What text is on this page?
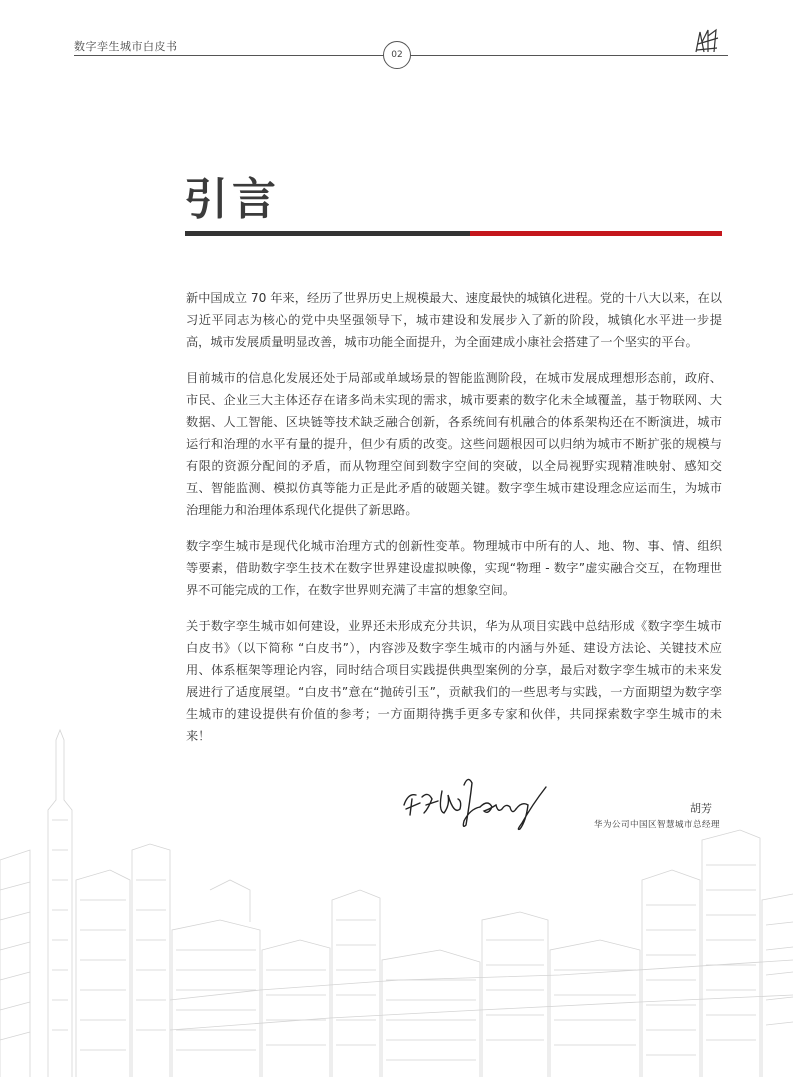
数字孪生城市白皮书
02
引言

新中国成立 70 年来，经历了世界历史上规模最大、速度最快的城镇化进程。党的十八大以来，在以习近平同志为核心的党中央坚强领导下，城市建设和发展步入了新的阶段，城镇化水平进一步提高，城市发展质量明显改善，城市功能全面提升，为全面建成小康社会搭建了一个坚实的平台。

目前城市的信息化发展还处于局部或单域场景的智能监测阶段，在城市发展成理想形态前，政府、市民、企业三大主体还存在诸多尚未实现的需求，城市要素的数字化未全域覆盖，基于物联网、大数据、人工智能、区块链等技术缺乏融合创新，各系统间有机融合的体系架构还在不断演进，城市运行和治理的水平有量的提升，但少有质的改变。这些问题根因可以归纳为城市不断扩张的规模与有限的资源分配间的矛盾，而从物理空间到数字空间的突破，以全局视野实现精准映射、感知交互、智能监测、模拟仿真等能力正是此矛盾的破题关键。数字孪生城市建设理念应运而生，为城市治理能力和治理体系现代化提供了新思路。

数字孪生城市是现代化城市治理方式的创新性变革。物理城市中所有的人、地、物、事、情、组织等要素，借助数字孪生技术在数字世界建设虚拟映像，实现“物理 - 数字”虚实融合交互，在物理世界不可能完成的工作，在数字世界则充满了丰富的想象空间。

关于数字孪生城市如何建设，业界还未形成充分共识，华为从项目实践中总结形成《数字孪生城市白皮书》（以下简称 “白皮书”），内容涉及数字孪生城市的内涵与外延、建设方法论、关键技术应用、体系框架等理论内容，同时结合项目实践提供典型案例的分享，最后对数字孪生城市的未来发展进行了适度展望。“白皮书”意在“抛砖引玉”，贡献我们的一些思考与实践，一方面期望为数字孪生城市的建设提供有价值的参考；一方面期待携手更多专家和伙伴，共同探索数字孪生城市的未来！

胡芳
华为公司中国区智慧城市总经理
